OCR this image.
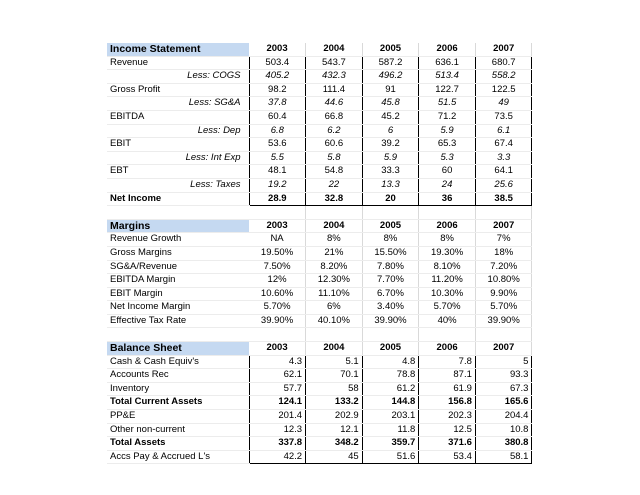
Income Statement	2003	2004	2005	2006	2007
Revenue	503.4	543.7	587.2	636.1	680.7
Less: COGS	405.2	432.3	496.2	513.4	558.2
Gross Profit	98.2	111.4	91	122.7	122.5
Less: SG&A	37.8	44.6	45.8	51.5	49
EBITDA	60.4	66.8	45.2	71.2	73.5
Less: Dep	6.8	6.2	6	5.9	6.1
EBIT	53.6	60.6	39.2	65.3	67.4
Less: Int Exp	5.5	5.8	5.9	5.3	3.3
EBT	48.1	54.8	33.3	60	64.1
Less: Taxes	19.2	22	13.3	24	25.6
Net Income	28.9	32.8	20	36	38.5

Margins	2003	2004	2005	2006	2007
Revenue Growth	NA	8%	8%	8%	7%
Gross Margins	19.50%	21%	15.50%	19.30%	18%
SG&A/Revenue	7.50%	8.20%	7.80%	8.10%	7.20%
EBITDA Margin	12%	12.30%	7.70%	11.20%	10.80%
EBIT Margin	10.60%	11.10%	6.70%	10.30%	9.90%
Net Income Margin	5.70%	6%	3.40%	5.70%	5.70%
Effective Tax Rate	39.90%	40.10%	39.90%	40%	39.90%

Balance Sheet	2003	2004	2005	2006	2007
Cash & Cash Equiv's	4.3	5.1	4.8	7.8	5
Accounts Rec	62.1	70.1	78.8	87.1	93.3
Inventory	57.7	58	61.2	61.9	67.3
Total Current Assets	124.1	133.2	144.8	156.8	165.6
PP&E	201.4	202.9	203.1	202.3	204.4
Other non-current	12.3	12.1	11.8	12.5	10.8
Total Assets	337.8	348.2	359.7	371.6	380.8
Accs Pay & Accrued L's	42.2	45	51.6	53.4	58.1
